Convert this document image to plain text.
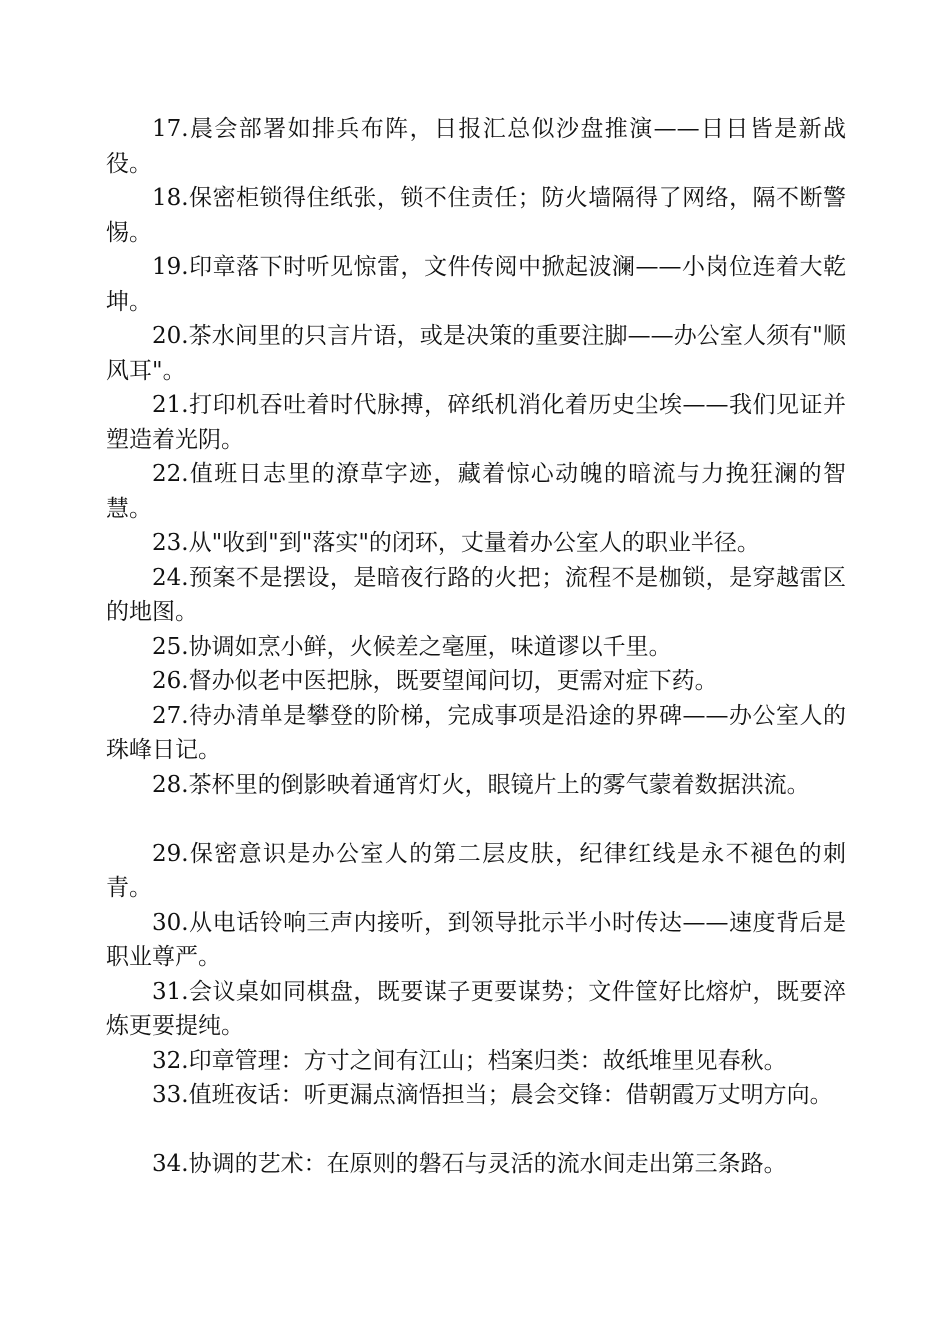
17.晨会部署如排兵布阵，日报汇总似沙盘推演——日日皆是新战役。

18.保密柜锁得住纸张，锁不住责任；防火墙隔得了网络，隔不断警惕。

19.印章落下时听见惊雷，文件传阅中掀起波澜——小岗位连着大乾坤。

20.茶水间里的只言片语，或是决策的重要注脚——办公室人须有"顺风耳"。

21.打印机吞吐着时代脉搏，碎纸机消化着历史尘埃——我们见证并塑造着光阴。

22.值班日志里的潦草字迹，藏着惊心动魄的暗流与力挽狂澜的智慧。

23.从"收到"到"落实"的闭环，丈量着办公室人的职业半径。

24.预案不是摆设，是暗夜行路的火把；流程不是枷锁，是穿越雷区的地图。

25.协调如烹小鲜，火候差之毫厘，味道谬以千里。

26.督办似老中医把脉，既要望闻问切，更需对症下药。

27.待办清单是攀登的阶梯，完成事项是沿途的界碑——办公室人的珠峰日记。

28.茶杯里的倒影映着通宵灯火，眼镜片上的雾气蒙着数据洪流。

29.保密意识是办公室人的第二层皮肤，纪律红线是永不褪色的刺青。

30.从电话铃响三声内接听，到领导批示半小时传达——速度背后是职业尊严。

31.会议桌如同棋盘，既要谋子更要谋势；文件筐好比熔炉，既要淬炼更要提纯。

32.印章管理：方寸之间有江山；档案归类：故纸堆里见春秋。

33.值班夜话：听更漏点滴悟担当；晨会交锋：借朝霞万丈明方向。

34.协调的艺术：在原则的磐石与灵活的流水间走出第三条路。
